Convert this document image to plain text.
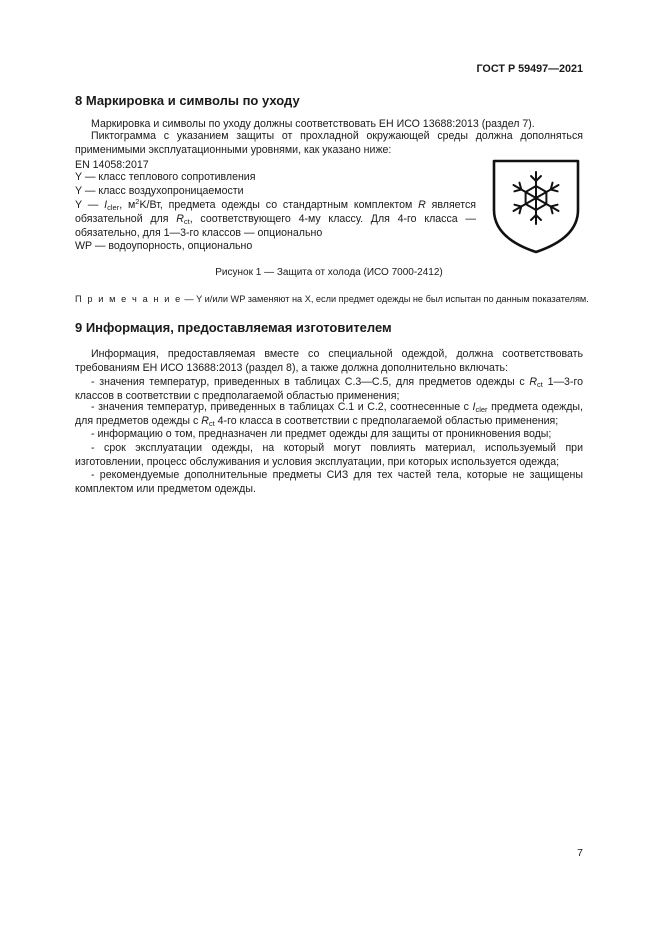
ГОСТ Р 59497—2021
8 Маркировка и символы по уходу
Маркировка и символы по уходу должны соответствовать ЕН ИСО 13688:2013 (раздел 7).
Пиктограмма с указанием защиты от прохладной окружающей среды должна дополняться применимыми эксплуатационными уровнями, как указано ниже:
EN 14058:2017
Y — класс теплового сопротивления
Y — класс воздухопроницаемости
Y — $I_{cler}$, $м^2K/Вт$, предмета одежды со стандартным комплектом R является обязательной для $R_{ct}$, соответствующего 4-му классу. Для 4-го класса — обязательно, для 1—3-го классов — опционально
WP — водоупорность, опционально
Рисунок 1 — Защита от холода (ИСО 7000-2412)
П р и м е ч а н и е — Y и/или WP заменяют на X, если предмет одежды не был испытан по данным показателям.
9 Информация, предоставляемая изготовителем
Информация, предоставляемая вместе со специальной одеждой, должна соответствовать требованиям ЕН ИСО 13688:2013 (раздел 8), а также должна дополнительно включать:
- значения температур, приведенных в таблицах С.3—С.5, для предметов одежды с $R_{ct}$ 1—3-го классов в соответствии с предполагаемой областью применения;
- значения температур, приведенных в таблицах С.1 и С.2, соотнесенные с $I_{cler}$ предмета одежды, для предметов одежды с $R_{ct}$ 4-го класса в соответствии с предполагаемой областью применения;
- информацию о том, предназначен ли предмет одежды для защиты от проникновения воды;
- срок эксплуатации одежды, на который могут повлиять материал, используемый при изготовлении, процесс обслуживания и условия эксплуатации, при которых используется одежда;
- рекомендуемые дополнительные предметы СИЗ для тех частей тела, которые не защищены комплектом или предметом одежды.
7
